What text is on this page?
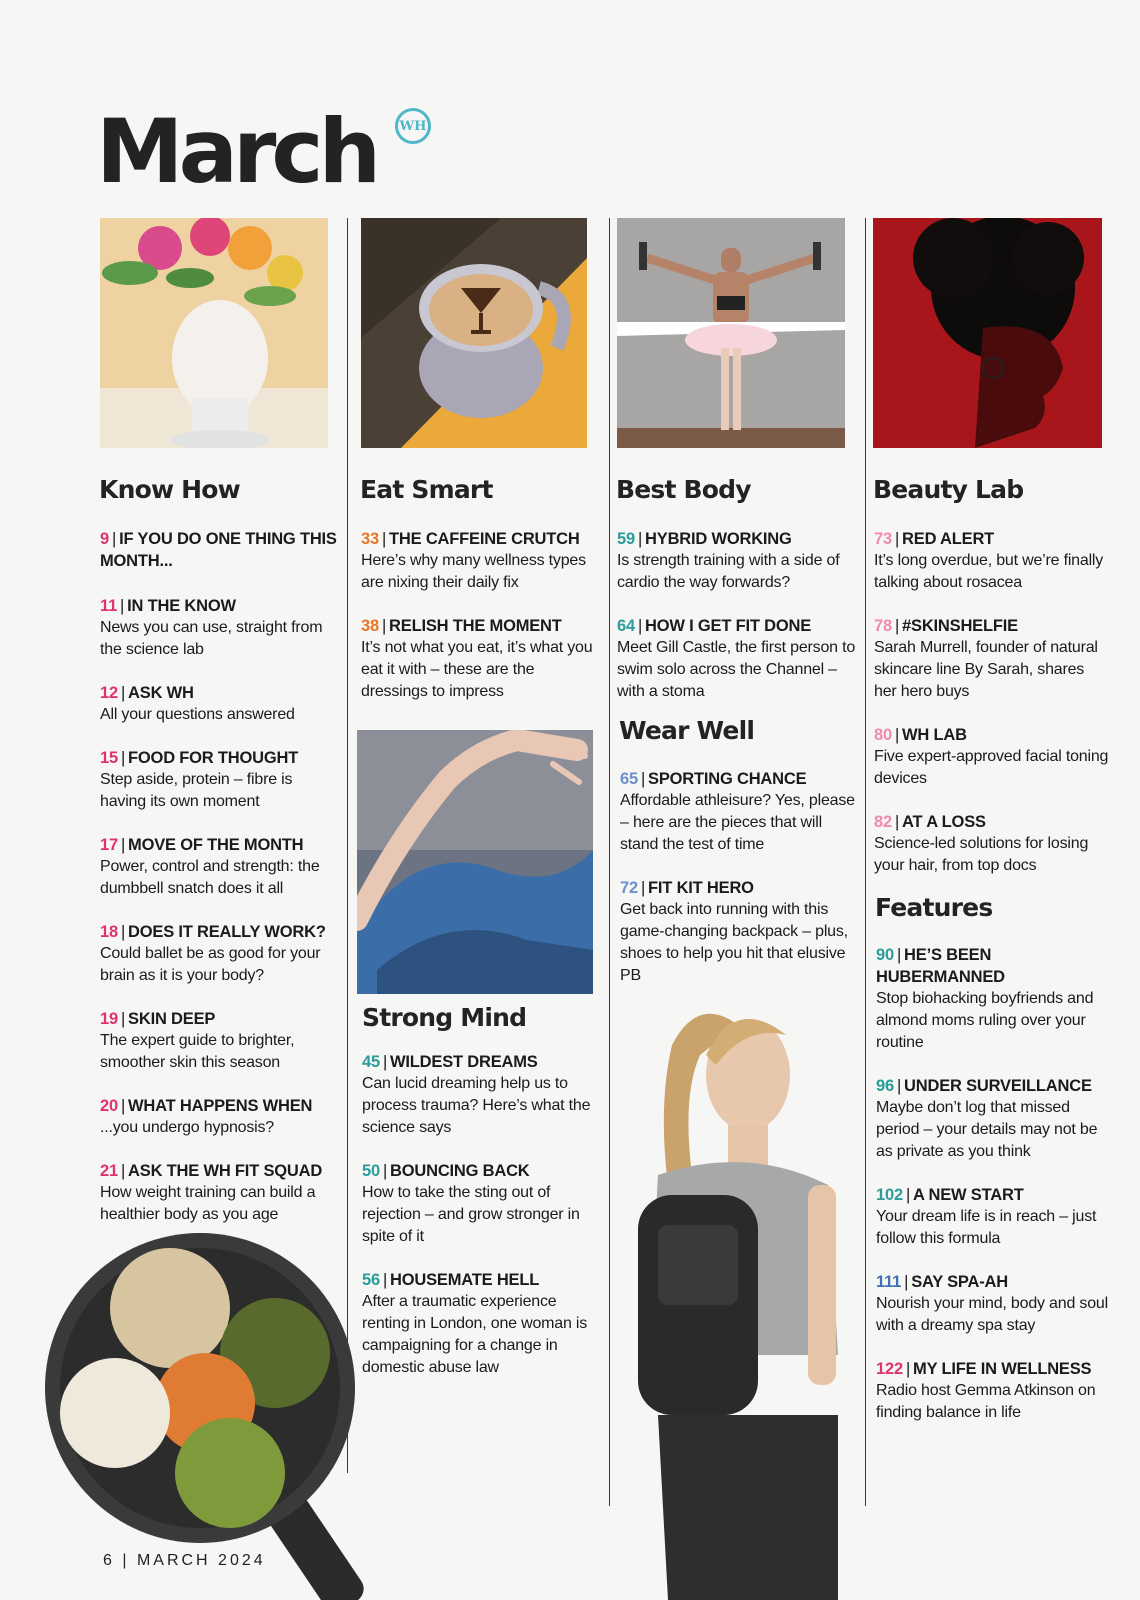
March	WH
Know How
9 | IF YOU DO ONE THING THIS MONTH...
11 | IN THE KNOW
News you can use, straight from the science lab
12 | ASK WH
All your questions answered
15 | FOOD FOR THOUGHT
Step aside, protein – fibre is having its own moment
17 | MOVE OF THE MONTH
Power, control and strength: the dumbbell snatch does it all
18 | DOES IT REALLY WORK?
Could ballet be as good for your brain as it is your body?
19 | SKIN DEEP
The expert guide to brighter, smoother skin this season
20 | WHAT HAPPENS WHEN
...you undergo hypnosis?
21 | ASK THE WH FIT SQUAD
How weight training can build a healthier body as you age
Eat Smart
33 | THE CAFFEINE CRUTCH
Here’s why many wellness types are nixing their daily fix
38 | RELISH THE MOMENT
It’s not what you eat, it’s what you eat it with – these are the dressings to impress
Strong Mind
45 | WILDEST DREAMS
Can lucid dreaming help us to process trauma? Here’s what the science says
50 | BOUNCING BACK
How to take the sting out of rejection – and grow stronger in spite of it
56 | HOUSEMATE HELL
After a traumatic experience renting in London, one woman is campaigning for a change in domestic abuse law
Best Body
59 | HYBRID WORKING
Is strength training with a side of cardio the way forwards?
64 | HOW I GET FIT DONE
Meet Gill Castle, the first person to swim solo across the Channel – with a stoma
Wear Well
65 | SPORTING CHANCE
Affordable athleisure? Yes, please – here are the pieces that will stand the test of time
72 | FIT KIT HERO
Get back into running with this game-changing backpack – plus, shoes to help you hit that elusive PB
Beauty Lab
73 | RED ALERT
It’s long overdue, but we’re finally talking about rosacea
78 | #SKINSHELFIE
Sarah Murrell, founder of natural skincare line By Sarah, shares her hero buys
80 | WH LAB
Five expert-approved facial toning devices
82 | AT A LOSS
Science-led solutions for losing your hair, from top docs
Features
90 | HE’S BEEN HUBERMANNED
Stop biohacking boyfriends and almond moms ruling over your routine
96 | UNDER SURVEILLANCE
Maybe don’t log that missed period – your details may not be as private as you think
102 | A NEW START
Your dream life is in reach – just follow this formula
111 | SAY SPA-AH
Nourish your mind, body and soul with a dreamy spa stay
122 | MY LIFE IN WELLNESS
Radio host Gemma Atkinson on finding balance in life
6 | MARCH 2024
